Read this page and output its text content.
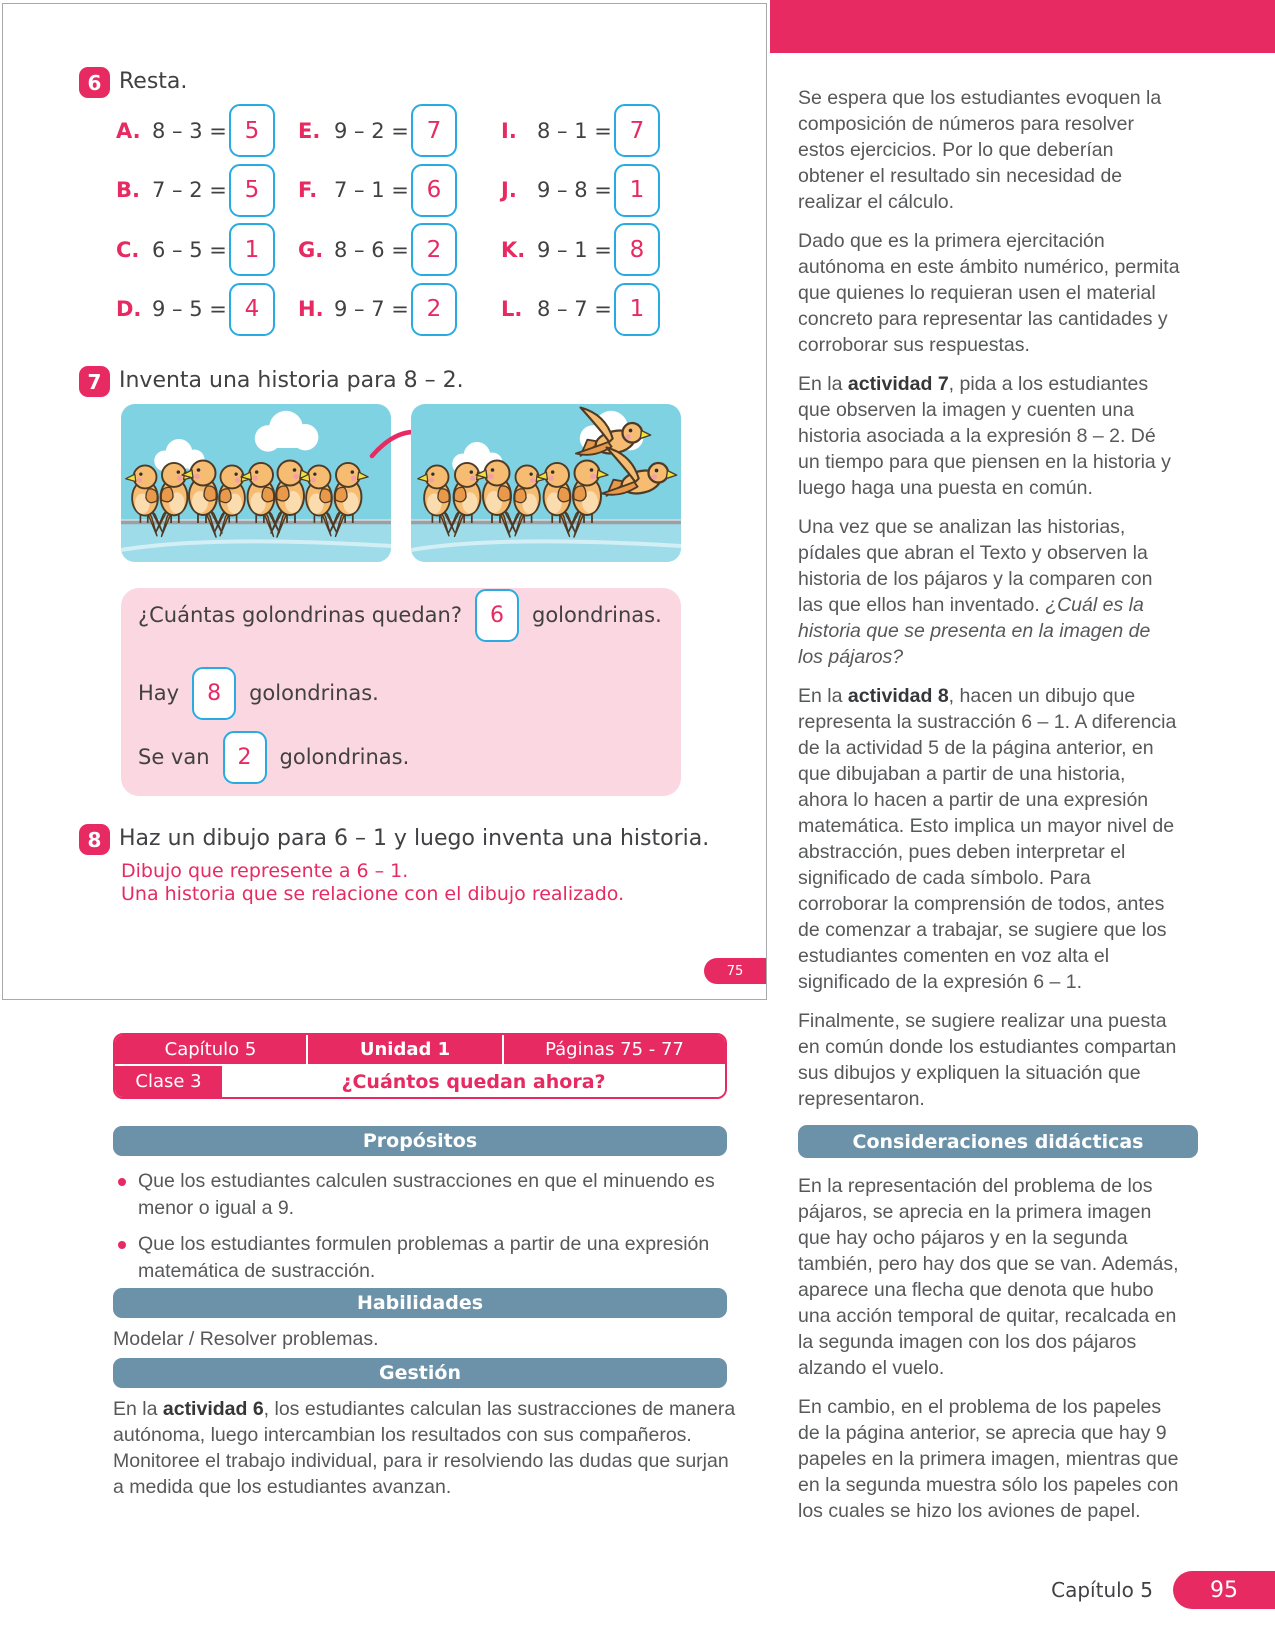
6 Resta.
A. 8 – 3 = 5
B. 7 – 2 = 5
C. 6 – 5 = 1
D. 9 – 5 = 4
E. 9 – 2 = 7
F. 7 – 1 = 6
G. 8 – 6 = 2
H. 9 – 7 = 2
I. 8 – 1 = 7
J. 9 – 8 = 1
K. 9 – 1 = 8
L. 8 – 7 = 1
7 Inventa una historia para 8 – 2.
Hay	8	golondrinas.
Se van	2	golondrinas.
¿Cuántas golondrinas quedan?	6	golondrinas.
8 Haz un dibujo para 6 – 1 y luego inventa una historia.
Dibujo que represente a 6 – 1.
Una historia que se relacione con el dibujo realizado.
75

Se espera que los estudiantes evoquen la composición de números para resolver estos ejercicios. Por lo que deberían obtener el resultado sin necesidad de realizar el cálculo.

Dado que es la primera ejercitación autónoma en este ámbito numérico, permita que quienes lo requieran usen el material concreto para representar las cantidades y corroborar sus respuestas.

En la actividad 7, pida a los estudiantes que observen la imagen y cuenten una historia asociada a la expresión 8 – 2. Dé un tiempo para que piensen en la historia y luego haga una puesta en común.

Una vez que se analizan las historias, pídales que abran el Texto y observen la historia de los pájaros y la comparen con las que ellos han inventado. ¿Cuál es la historia que se presenta en la imagen de los pájaros?

En la actividad 8, hacen un dibujo que representa la sustracción 6 – 1. A diferencia de la actividad 5 de la página anterior, en que dibujaban a partir de una historia, ahora lo hacen a partir de una expresión matemática. Esto implica un mayor nivel de abstracción, pues deben interpretar el significado de cada símbolo. Para corroborar la comprensión de todos, antes de comenzar a trabajar, se sugiere que los estudiantes comenten en voz alta el significado de la expresión 6 – 1.

Finalmente, se sugiere realizar una puesta en común donde los estudiantes compartan sus dibujos y expliquen la situación que representaron.

Consideraciones didácticas

En la representación del problema de los pájaros, se aprecia en la primera imagen que hay ocho pájaros y en la segunda también, pero hay dos que se van. Además, aparece una flecha que denota que hubo una acción temporal de quitar, recalcada en la segunda imagen con los dos pájaros alzando el vuelo.

En cambio, en el problema de los papeles de la página anterior, se aprecia que hay 9 papeles en la primera imagen, mientras que en la segunda muestra sólo los papeles con los cuales se hizo los aviones de papel.

Capítulo 5	Unidad 1	Páginas 75 - 77
Clase 3	¿Cuántos quedan ahora?
Propósitos
Que los estudiantes calculen sustracciones en que el minuendo es menor o igual a 9.
Que los estudiantes formulen problemas a partir de una expresión matemática de sustracción.
Habilidades
Modelar / Resolver problemas.
Gestión

En la actividad 6, los estudiantes calculan las sustracciones de manera autónoma, luego intercambian los resultados con sus compañeros. Monitoree el trabajo individual, para ir resolviendo las dudas que surjan a medida que los estudiantes avanzan.

Capítulo 5	95
